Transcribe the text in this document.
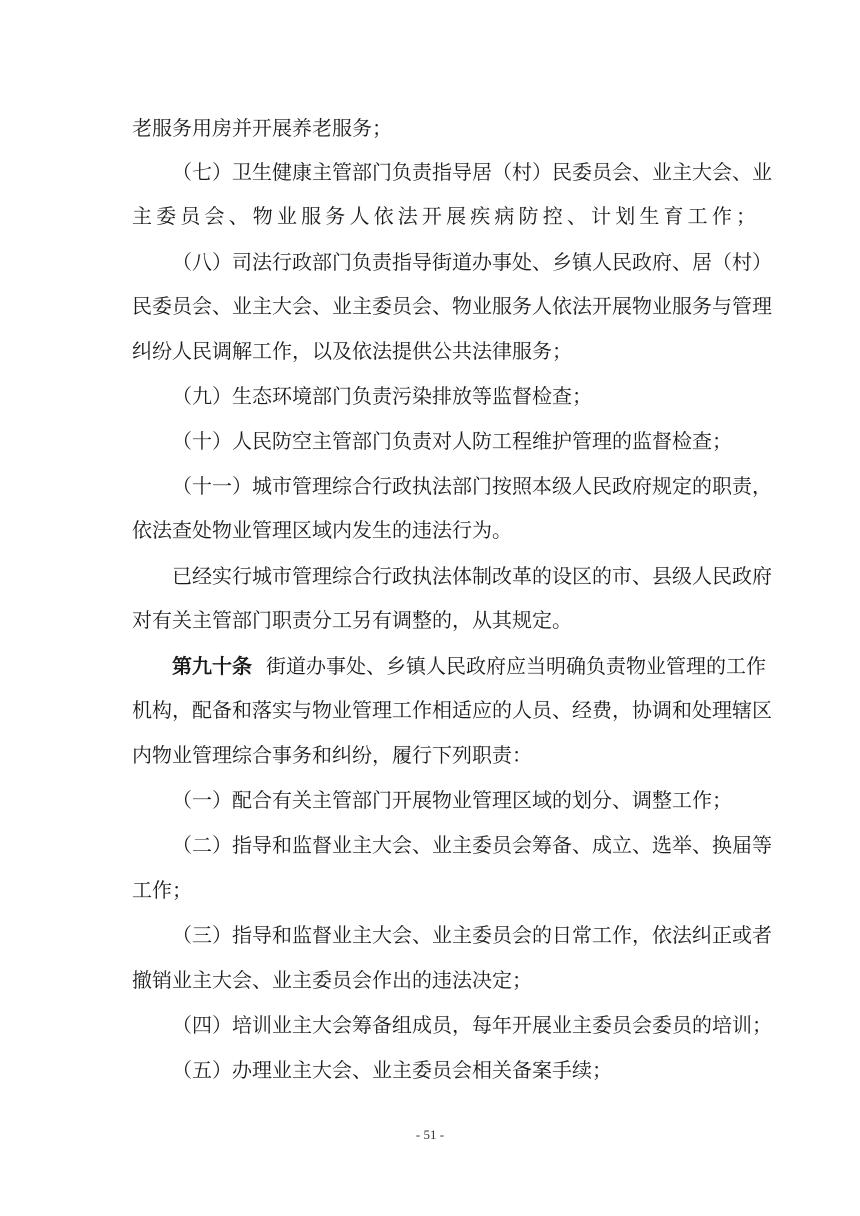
老服务用房并开展养老服务；
（七）卫生健康主管部门负责指导居（村）民委员会、业主大会、业
主委员会、物业服务人依法开展疾病防控、计划生育工作；
（八）司法行政部门负责指导街道办事处、乡镇人民政府、居（村）
民委员会、业主大会、业主委员会、物业服务人依法开展物业服务与管理
纠纷人民调解工作，以及依法提供公共法律服务；
（九）生态环境部门负责污染排放等监督检查；
（十）人民防空主管部门负责对人防工程维护管理的监督检查；
（十一）城市管理综合行政执法部门按照本级人民政府规定的职责，
依法查处物业管理区域内发生的违法行为。
已经实行城市管理综合行政执法体制改革的设区的市、县级人民政府
对有关主管部门职责分工另有调整的，从其规定。
第九十条 街道办事处、乡镇人民政府应当明确负责物业管理的工作
机构，配备和落实与物业管理工作相适应的人员、经费，协调和处理辖区
内物业管理综合事务和纠纷，履行下列职责：
（一）配合有关主管部门开展物业管理区域的划分、调整工作；
（二）指导和监督业主大会、业主委员会筹备、成立、选举、换届等
工作；
（三）指导和监督业主大会、业主委员会的日常工作，依法纠正或者
撤销业主大会、业主委员会作出的违法决定；
（四）培训业主大会筹备组成员，每年开展业主委员会委员的培训；
（五）办理业主大会、业主委员会相关备案手续；
- 51 -
